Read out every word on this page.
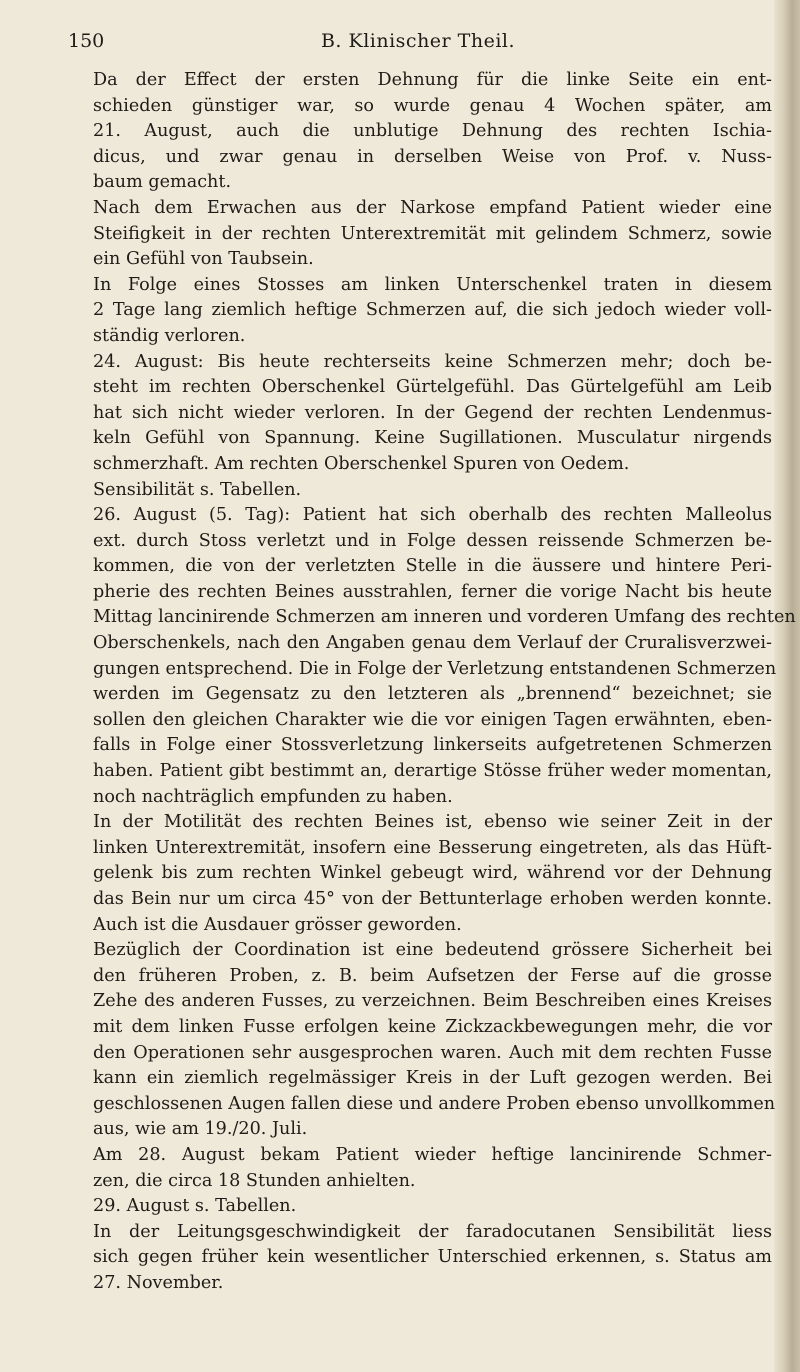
150	B. Klinischer Theil.

Da der Effect der ersten Dehnung für die linke Seite ein ent-
schieden günstiger war, so wurde genau 4 Wochen später, am
21. August, auch die unblutige Dehnung des rechten Ischia-
dicus, und zwar genau in derselben Weise von Prof. v. Nuss-
baum gemacht.

Nach dem Erwachen aus der Narkose empfand Patient wieder eine
Steifigkeit in der rechten Unterextremität mit gelindem Schmerz, sowie
ein Gefühl von Taubsein.

In Folge eines Stosses am linken Unterschenkel traten in diesem
2 Tage lang ziemlich heftige Schmerzen auf, die sich jedoch wieder voll-
ständig verloren.

24. August: Bis heute rechterseits keine Schmerzen mehr; doch be-
steht im rechten Oberschenkel Gürtelgefühl. Das Gürtelgefühl am Leib
hat sich nicht wieder verloren. In der Gegend der rechten Lendenmus-
keln Gefühl von Spannung. Keine Sugillationen. Musculatur nirgends
schmerzhaft. Am rechten Oberschenkel Spuren von Oedem.

Sensibilität s. Tabellen.

26. August (5. Tag): Patient hat sich oberhalb des rechten Malleolus
ext. durch Stoss verletzt und in Folge dessen reissende Schmerzen be-
kommen, die von der verletzten Stelle in die äussere und hintere Peri-
pherie des rechten Beines ausstrahlen, ferner die vorige Nacht bis heute
Mittag lancinirende Schmerzen am inneren und vorderen Umfang des rechten
Oberschenkels, nach den Angaben genau dem Verlauf der Cruralisverzwei-
gungen entsprechend. Die in Folge der Verletzung entstandenen Schmerzen
werden im Gegensatz zu den letzteren als „brennend“ bezeichnet; sie
sollen den gleichen Charakter wie die vor einigen Tagen erwähnten, eben-
falls in Folge einer Stossverletzung linkerseits aufgetretenen Schmerzen
haben. Patient gibt bestimmt an, derartige Stösse früher weder momentan,
noch nachträglich empfunden zu haben.

In der Motilität des rechten Beines ist, ebenso wie seiner Zeit in der
linken Unterextremität, insofern eine Besserung eingetreten, als das Hüft-
gelenk bis zum rechten Winkel gebeugt wird, während vor der Dehnung
das Bein nur um circa 45° von der Bettunterlage erhoben werden konnte.
Auch ist die Ausdauer grösser geworden.

Bezüglich der Coordination ist eine bedeutend grössere Sicherheit bei
den früheren Proben, z. B. beim Aufsetzen der Ferse auf die grosse
Zehe des anderen Fusses, zu verzeichnen. Beim Beschreiben eines Kreises
mit dem linken Fusse erfolgen keine Zickzackbewegungen mehr, die vor
den Operationen sehr ausgesprochen waren. Auch mit dem rechten Fusse
kann ein ziemlich regelmässiger Kreis in der Luft gezogen werden. Bei
geschlossenen Augen fallen diese und andere Proben ebenso unvollkommen
aus, wie am 19./20. Juli.

Am 28. August bekam Patient wieder heftige lancinirende Schmer-
zen, die circa 18 Stunden anhielten.

29. August s. Tabellen.

In der Leitungsgeschwindigkeit der faradocutanen Sensibilität liess
sich gegen früher kein wesentlicher Unterschied erkennen, s. Status am
27. November.
